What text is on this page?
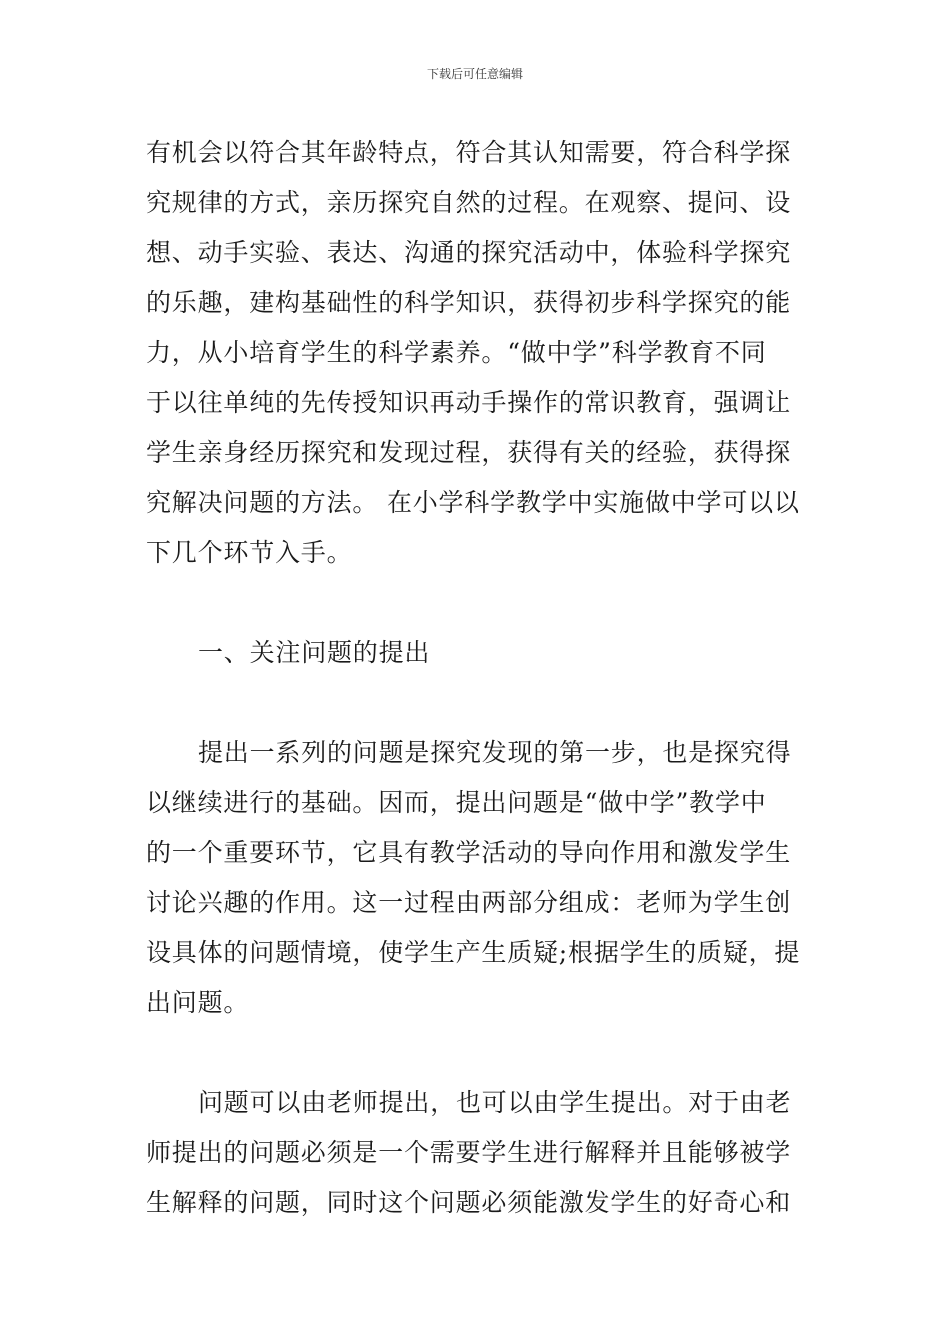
下载后可任意编辑
有机会以符合其年龄特点，符合其认知需要，符合科学探
究规律的方式，亲历探究自然的过程。在观察、提问、设
想、动手实验、表达、沟通的探究活动中，体验科学探究
的乐趣，建构基础性的科学知识，获得初步科学探究的能
力，从小培育学生的科学素养。“做中学”科学教育不同
于以往单纯的先传授知识再动手操作的常识教育，强调让
学生亲身经历探究和发现过程，获得有关的经验，获得探
究解决问题的方法。 在小学科学教学中实施做中学可以以
下几个环节入手。
一、关注问题的提出
提出一系列的问题是探究发现的第一步，也是探究得
以继续进行的基础。因而，提出问题是“做中学”教学中
的一个重要环节，它具有教学活动的导向作用和激发学生
讨论兴趣的作用。这一过程由两部分组成：老师为学生创
设具体的问题情境，使学生产生质疑;根据学生的质疑，提
出问题。
问题可以由老师提出，也可以由学生提出。对于由老
师提出的问题必须是一个需要学生进行解释并且能够被学
生解释的问题，同时这个问题必须能激发学生的好奇心和
